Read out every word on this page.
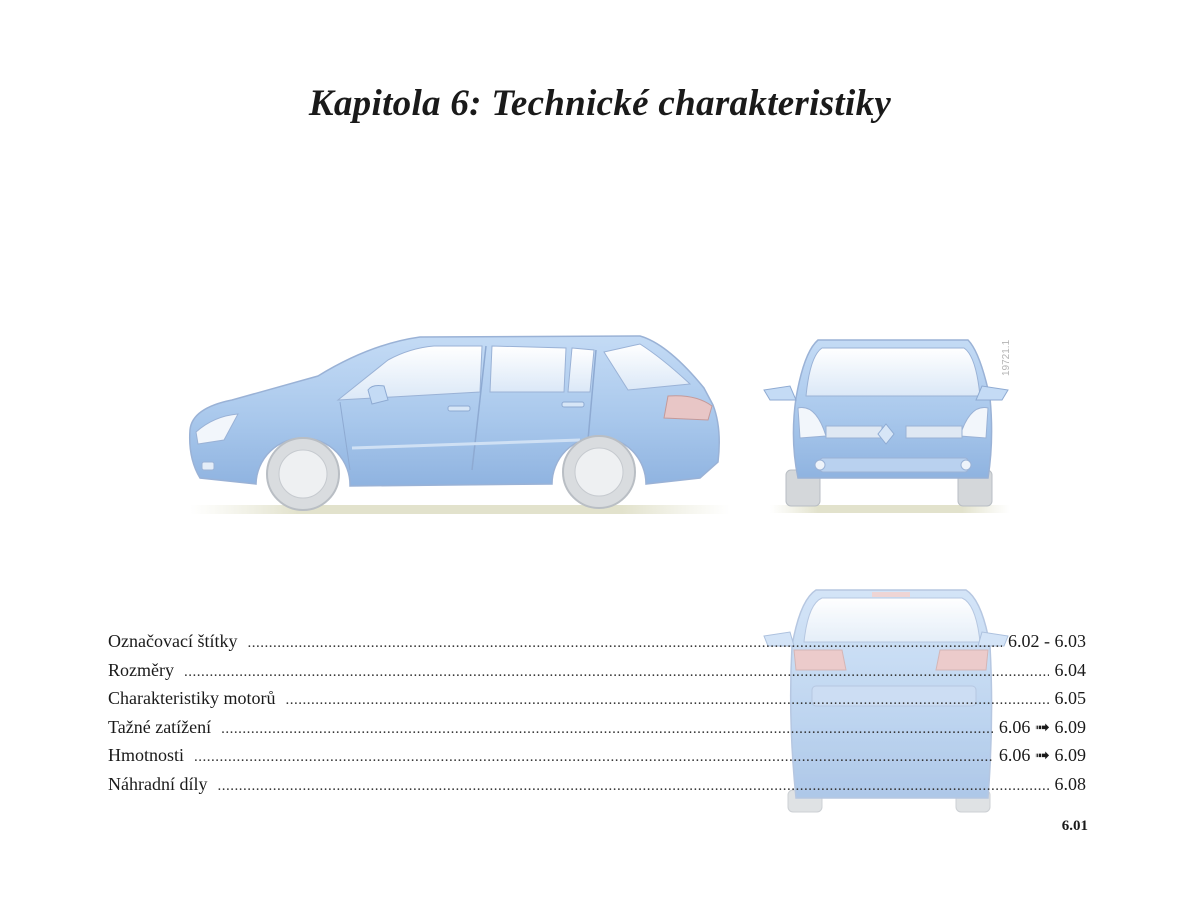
Kapitola 6: Technické charakteristiky
19721.1
Označovací štítky .....	6.02 - 6.03
Rozměry .....	6.04
Charakteristiky motorů .....	6.05
Tažné zatížení .....	6.06 ➟ 6.09
Hmotnosti .....	6.06 ➟ 6.09
Náhradní díly .....	6.08
6.01
